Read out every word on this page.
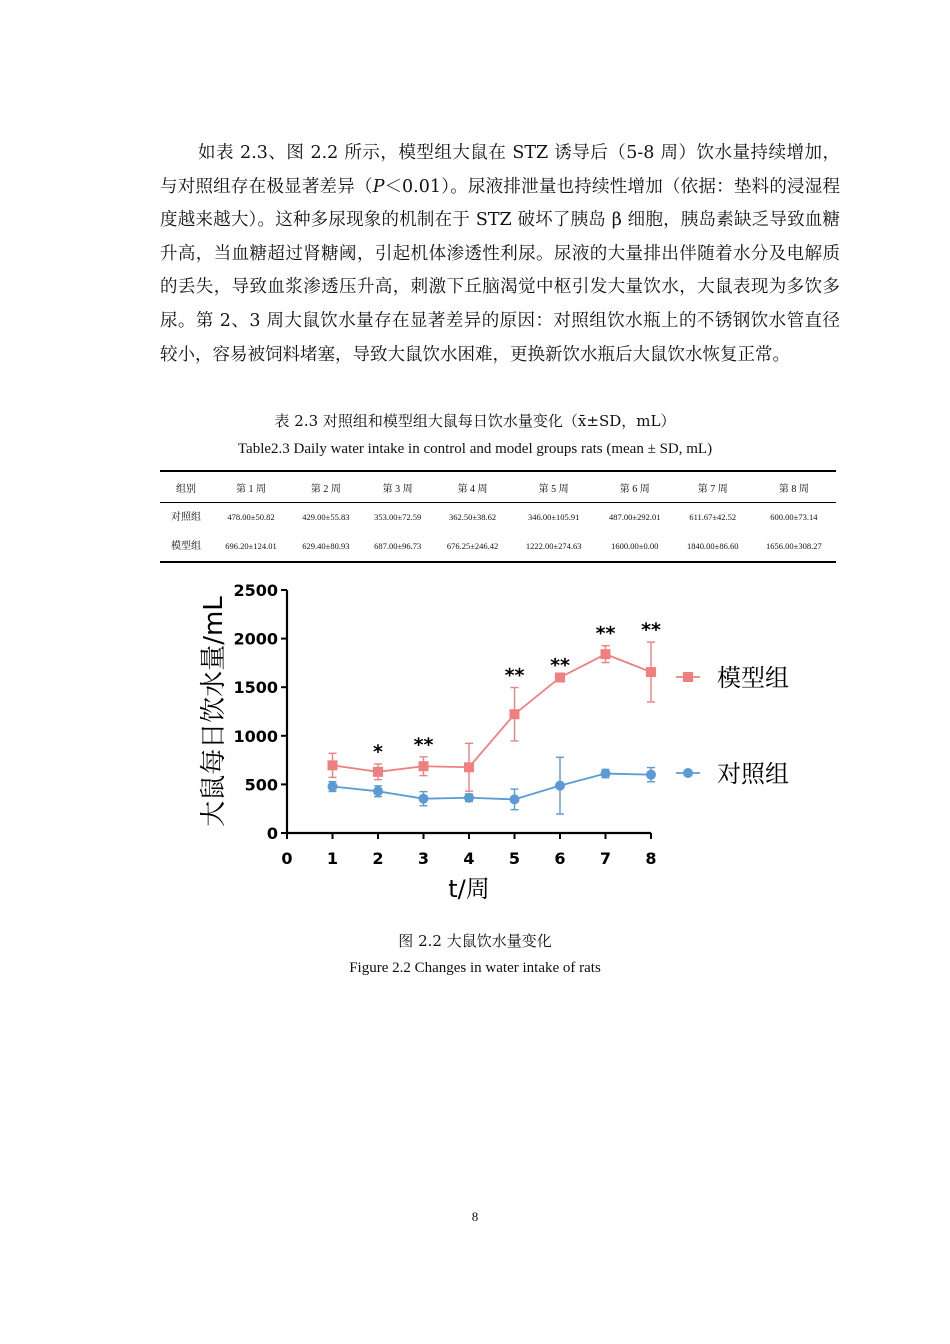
如表 2.3、图 2.2 所示，模型组大鼠在 STZ 诱导后（5-8 周）饮水量持续增加，与对照组存在极显著差异（P＜0.01）。尿液排泄量也持续性增加（依据：垫料的浸湿程度越来越大）。这种多尿现象的机制在于 STZ 破坏了胰岛 β 细胞，胰岛素缺乏导致血糖升高，当血糖超过肾糖阈，引起机体渗透性利尿。尿液的大量排出伴随着水分及电解质的丢失，导致血浆渗透压升高，刺激下丘脑渴觉中枢引发大量饮水，大鼠表现为多饮多尿。第 2、3 周大鼠饮水量存在显著差异的原因：对照组饮水瓶上的不锈钢饮水管直径较小，容易被饲料堵塞，导致大鼠饮水困难，更换新饮水瓶后大鼠饮水恢复正常。

表 2.3 对照组和模型组大鼠每日饮水量变化（x̄±SD，mL）

Table2.3 Daily water intake in control and model groups rats (mean ± SD, mL)

组别	第 1 周	第 2 周	第 3 周	第 4 周	第 5 周	第 6 周	第 7 周	第 8 周
对照组	478.00±50.82	429.00±55.83	353.00±72.59	362.50±38.62	346.00±105.91	487.00±292.01	611.67±42.52	600.00±73.14
模型组	696.20±124.01	629.40±80.93	687.00±96.73	676.25±246.42	1222.00±274.63	1600.00±0.00	1840.00±86.60	1656.00±308.27
0
500
1000
1500
2000
2500
0 1 2 3 4 5 6 7 8
t/周
大鼠每日饮水量/mL	模型组
对照组
* **
** **
** **

图 2.2 大鼠饮水量变化

Figure 2.2 Changes in water intake of rats

8
